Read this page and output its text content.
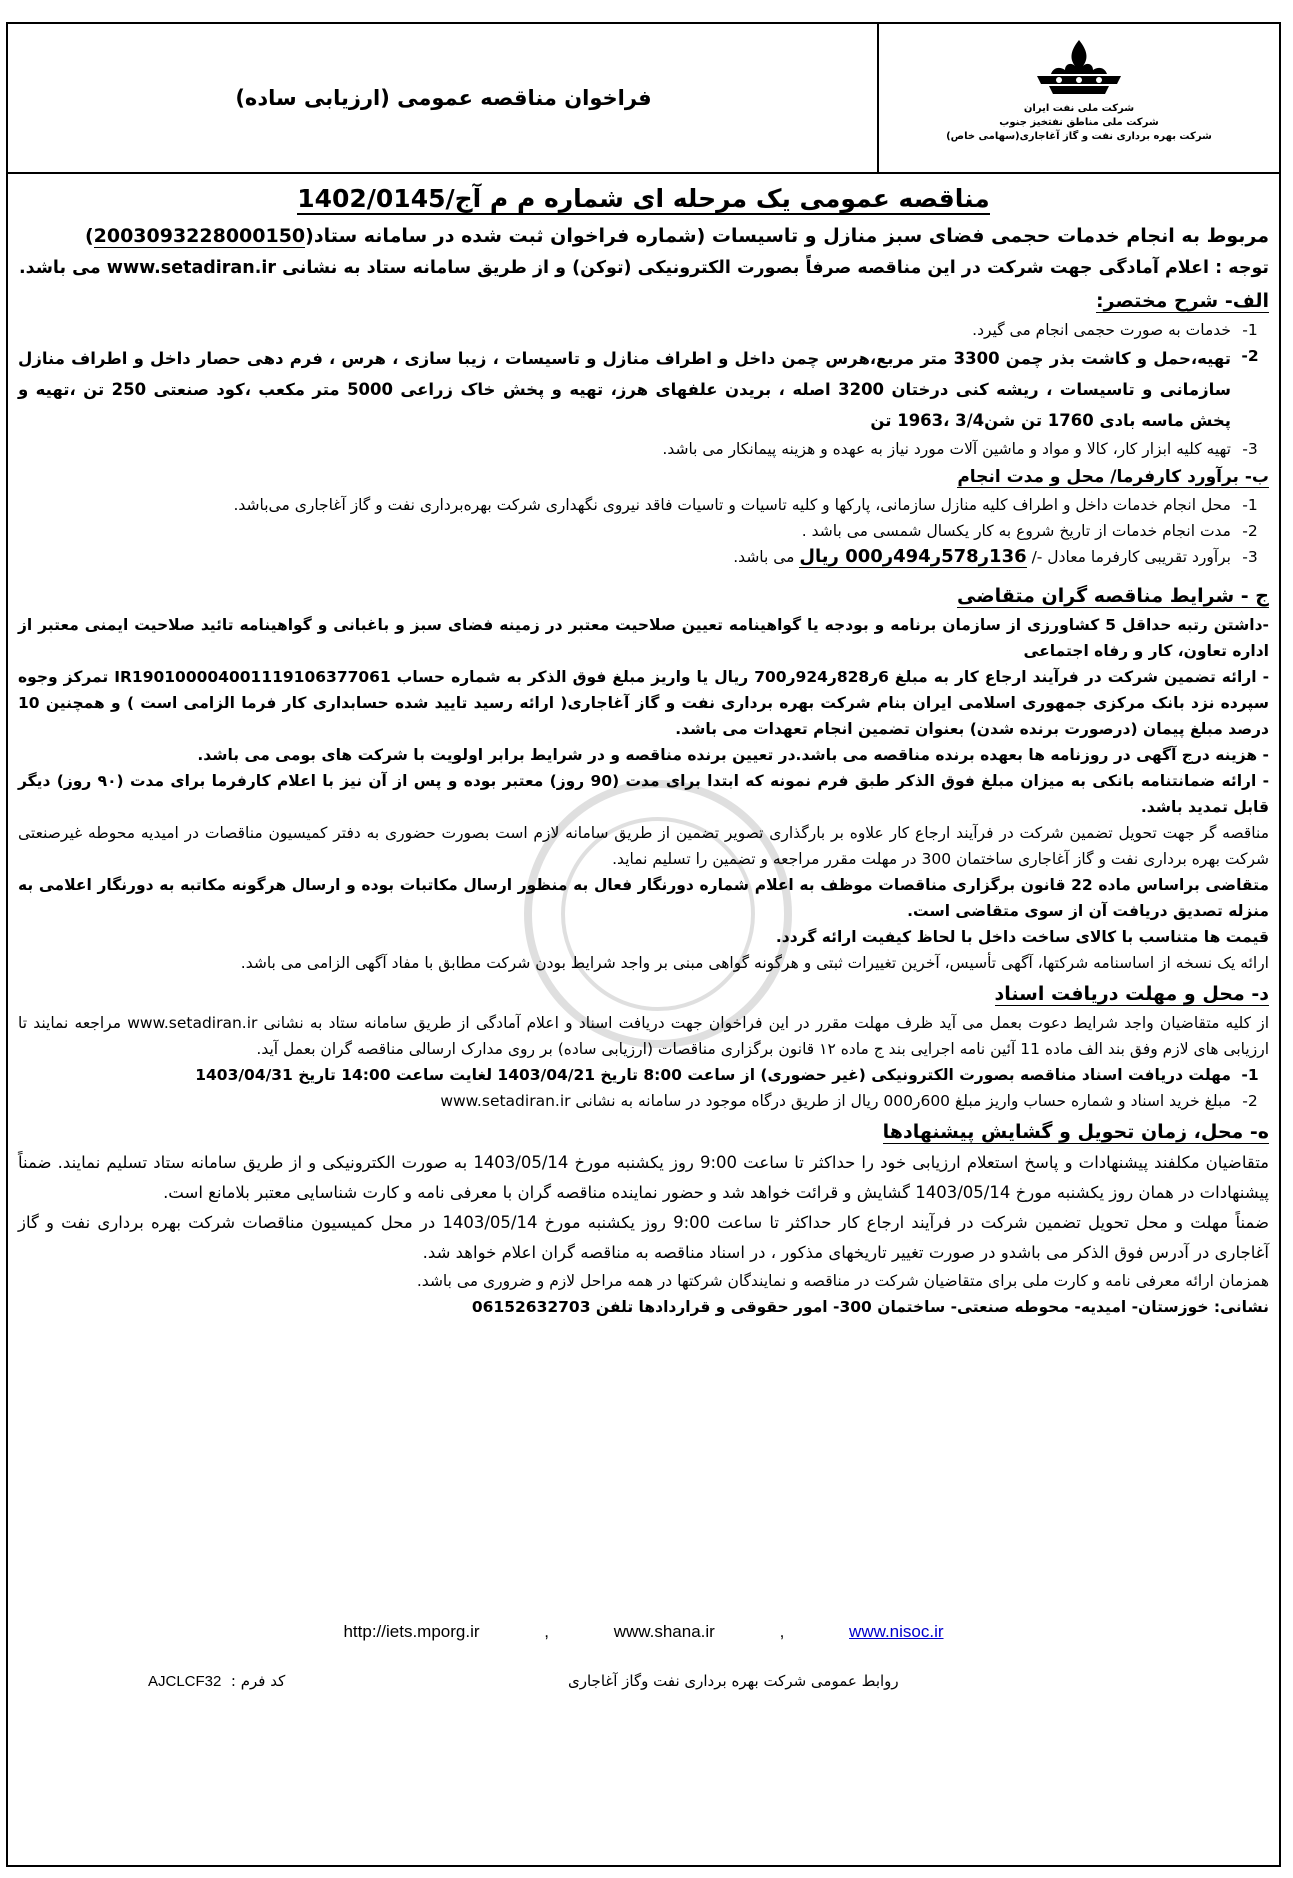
شرکت ملی نفت ایران
شرکت ملی مناطق نفتخیز جنوب
شرکت بهره برداری نفت و گاز آغاجاری(سهامی خاص)
فراخوان مناقصه عمومی (ارزیابی ساده)
مناقصه عمومی یک مرحله ای شماره م م آج/1402/0145
مربوط به انجام خدمات حجمی فضای سبز منازل و تاسیسات (شماره فراخوان ثبت شده در سامانه ستاد(2003093228000150)
توجه : اعلام آمادگی جهت شرکت در این مناقصه صرفاً بصورت الکترونیکی (توکن) و از طریق سامانه ستاد به نشانی www.setadiran.ir می باشد.
الف- شرح مختصر:
1-
خدمات به صورت حجمی انجام می گیرد.
2-
تهیه،حمل و کاشت بذر چمن 3300 متر مربع،هرس چمن داخل و اطراف منازل و تاسیسات ، زیبا سازی ، هرس ، فرم دهی حصار داخل و اطراف منازل سازمانی و تاسیسات ، ریشه کنی درختان 3200 اصله ، بریدن علفهای هرز، تهیه و پخش خاک زراعی 5000 متر مکعب ،کود صنعتی 250 تن ،تهیه و پخش ماسه بادی 1760 تن شن3/4 ،1963 تن
3-
تهیه کلیه ابزار کار، کالا و مواد و ماشین آلات مورد نیاز به عهده و هزینه پیمانکار می باشد.
ب- برآورد کارفرما/ محل و مدت انجام
1-
محل انجام خدمات داخل و اطراف کلیه منازل سازمانی، پارکها و کلیه تاسیات و تاسیات فاقد نیروی نگهداری شرکت بهره‌برداری نفت و گاز آغاجاری می‌باشد.
2-
مدت انجام خدمات از تاریخ شروع به کار یکسال شمسی می باشد .
3-
برآورد تقریبی کارفرما معادل -/ 136ر578ر494ر000 ریال می باشد.
ج - شرایط مناقصه گران متقاضی
-داشتن رتبه حداقل 5 کشاورزی از سازمان برنامه و بودجه یا گواهینامه تعیین صلاحیت معتبر در زمینه فضای سبز و باغبانی و گواهینامه تائید صلاحیت ایمنی معتبر از اداره تعاون، کار و رفاه اجتماعی
- ارائه تضمین شرکت در فرآیند ارجاع کار به مبلغ 6ر828ر924ر700 ریال یا واریز مبلغ فوق الذکر به شماره حساب IR190100004001119106377061 تمرکز وجوه سپرده نزد بانک مرکزی جمهوری اسلامی ایران بنام شرکت بهره برداری نفت و گاز آغاجاری( ارائه رسید تایید شده حسابداری کار فرما الزامی است ) و همچنین 10 درصد مبلغ پیمان (درصورت برنده شدن) بعنوان تضمین انجام تعهدات می باشد.
- هزینه درج آگهی در روزنامه ها بعهده برنده مناقصه می باشد.در تعیین برنده مناقصه و در شرایط برابر اولویت با شرکت های بومی می باشد.
- ارائه ضمانتنامه بانکی به میزان مبلغ فوق الذکر طبق فرم نمونه که ابتدا برای مدت (90 روز) معتبر بوده و پس از آن نیز با اعلام کارفرما برای مدت (۹۰ روز) دیگر قابل تمدید باشد.
مناقصه گر جهت تحویل تضمین شرکت در فرآیند ارجاع کار علاوه بر بارگذاری تصویر تضمین از طریق سامانه لازم است بصورت حضوری به دفتر کمیسیون مناقصات در امیدیه محوطه غیرصنعتی شرکت بهره برداری نفت و گاز آغاجاری ساختمان 300 در مهلت مقرر مراجعه و تضمین را تسلیم نماید.
متقاضی براساس ماده 22 قانون برگزاری مناقصات موظف به اعلام شماره دورنگار فعال به منظور ارسال مکاتبات بوده و ارسال هرگونه مکاتبه به دورنگار اعلامی به منزله تصدیق دریافت آن از سوی متقاضی است.
قیمت ها متناسب با کالای ساخت داخل با لحاظ کیفیت ارائه گردد.
ارائه یک نسخه از اساسنامه شرکتها، آگهی تأسیس، آخرین تغییرات ثبتی و هرگونه گواهی مبنی بر واجد شرایط بودن شرکت مطابق با مفاد آگهی الزامی می باشد.
د- محل و مهلت دریافت اسناد
از کلیه متقاضیان واجد شرایط دعوت بعمل می آید ظرف مهلت مقرر در این فراخوان جهت دریافت اسناد و اعلام آمادگی از طریق سامانه ستاد به نشانی www.setadiran.ir مراجعه نمایند تا ارزیابی های لازم وفق بند الف ماده 11 آئین نامه اجرایی بند ج ماده ۱۲ قانون برگزاری مناقصات (ارزیابی ساده) بر روی مدارک ارسالی مناقصه گران بعمل آید.
1-
مهلت دریافت اسناد مناقصه بصورت الکترونیکی (غیر حضوری) از ساعت 8:00 تاریخ 1403/04/21 لغایت ساعت 14:00 تاریخ 1403/04/31
2-
مبلغ خرید اسناد و شماره حساب واریز مبلغ 600ر000 ریال از طریق درگاه موجود در سامانه به نشانی www.setadiran.ir
ه- محل، زمان تحویل و گشایش پیشنهادها
متقاضیان مکلفند پیشنهادات و پاسخ استعلام ارزیابی خود را حداکثر تا ساعت 9:00 روز یکشنبه مورخ 1403/05/14 به صورت الکترونیکی و از طریق سامانه ستاد تسلیم نمایند. ضمناً پیشنهادات در همان روز یکشنبه مورخ 1403/05/14 گشایش و قرائت خواهد شد و حضور نماینده مناقصه گران با معرفی نامه و کارت شناسایی معتبر بلامانع است.
ضمناً مهلت و محل تحویل تضمین شرکت در فرآیند ارجاع کار حداکثر تا ساعت 9:00 روز یکشنبه مورخ 1403/05/14 در محل کمیسیون مناقصات شرکت بهره برداری نفت و گاز آغاجاری در آدرس فوق الذکر می باشدو در صورت تغییر تاریخهای مذکور ، در اسناد مناقصه به مناقصه گران اعلام خواهد شد.
همزمان ارائه معرفی نامه و کارت ملی برای متقاضیان شرکت در مناقصه و نمایندگان شرکتها در همه مراحل لازم و ضروری می باشد.
نشانی: خوزستان- امیدیه- محوطه صنعتی- ساختمان 300- امور حقوقی و قراردادها تلفن 06152632703
http://iets.mporg.ir	,	www.shana.ir	,	www.nisoc.ir
کد فرم :  AJCLCF32	روابط عمومی شرکت بهره برداری نفت وگاز آغاجاری
